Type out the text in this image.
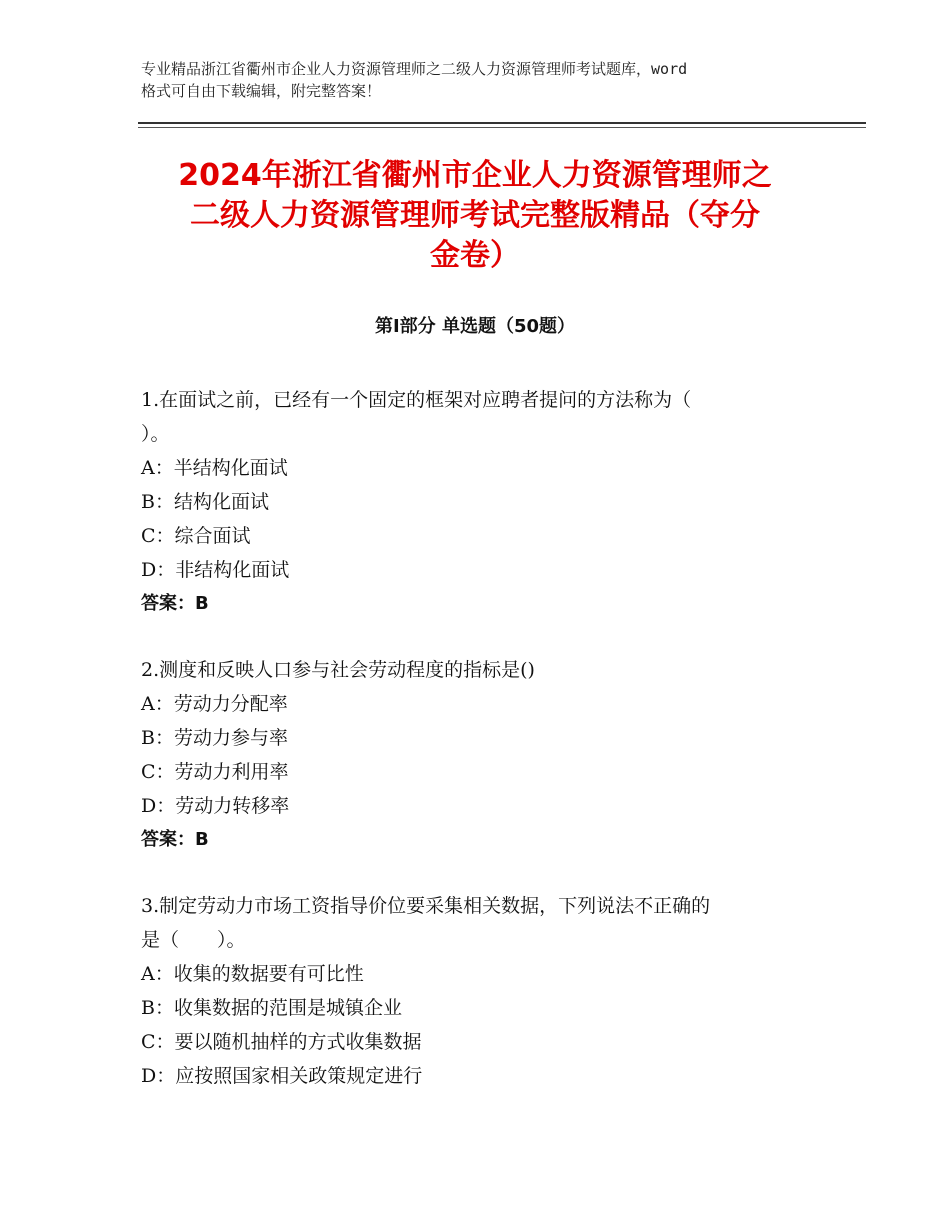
专业精品浙江省衢州市企业人力资源管理师之二级人力资源管理师考试题库，word
格式可自由下载编辑，附完整答案！
2024年浙江省衢州市企业人力资源管理师之
二级人力资源管理师考试完整版精品（夺分
金卷）
第Ⅰ部分 单选题（50题）
1.在面试之前，已经有一个固定的框架对应聘者提问的方法称为（
）。
A：半结构化面试
B：结构化面试
C：综合面试
D：非结构化面试
答案：B
2.测度和反映人口参与社会劳动程度的指标是()
A：劳动力分配率
B：劳动力参与率
C：劳动力利用率
D：劳动力转移率
答案：B
3.制定劳动力市场工资指导价位要采集相关数据，下列说法不正确的
是（　　）。
A：收集的数据要有可比性
B：收集数据的范围是城镇企业
C：要以随机抽样的方式收集数据
D：应按照国家相关政策规定进行
